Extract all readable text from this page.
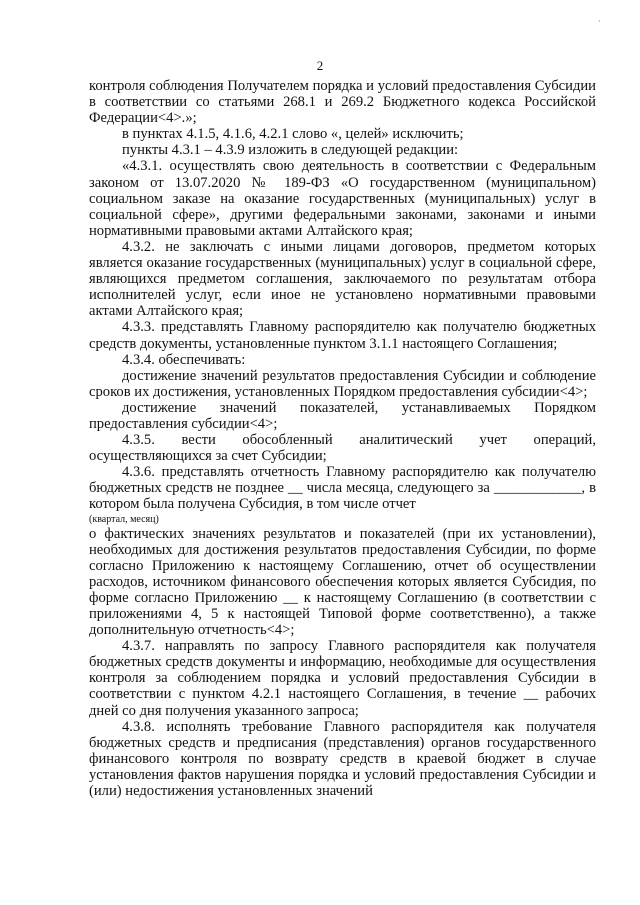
·
2

контроля соблюдения Получателем порядка и условий предоставления Субсидии в соответствии со статьями 268.1 и 269.2 Бюджетного кодекса Российской Федерации<4>.»;

в пунктах 4.1.5, 4.1.6, 4.2.1 слово «, целей» исключить;

пункты 4.3.1 – 4.3.9 изложить в следующей редакции:

«4.3.1. осуществлять свою деятельность в соответствии с Федеральным законом от 13.07.2020 № 189-ФЗ «О государственном (муниципальном) социальном заказе на оказание государственных (муниципальных) услуг в социальной сфере», другими федеральными законами, законами и иными нормативными правовыми актами Алтайского края;

4.3.2. не заключать с иными лицами договоров, предметом которых является оказание государственных (муниципальных) услуг в социальной сфере, являющихся предметом соглашения, заключаемого по результатам отбора исполнителей услуг, если иное не установлено нормативными правовыми актами Алтайского края;

4.3.3. представлять Главному распорядителю как получателю бюджетных средств документы, установленные пунктом 3.1.1 настоящего Соглашения;

4.3.4. обеспечивать:

достижение значений результатов предоставления Субсидии и соблюдение сроков их достижения, установленных Порядком предоставления субсидии<4>;

достижение значений показателей, устанавливаемых Порядком предоставления субсидии<4>;

4.3.5. вести обособленный аналитический учет операций, осуществляющихся за счет Субсидии;

4.3.6. представлять отчетность Главному распорядителю как получателю бюджетных средств не позднее __ числа месяца, следующего за ____________, в котором была получена Субсидия, в том числе отчет

(квартал, месяц)

о фактических значениях результатов и показателей (при их установлении), необходимых для достижения результатов предоставления Субсидии, по форме согласно Приложению к настоящему Соглашению, отчет об осуществлении расходов, источником финансового обеспечения которых является Субсидия, по форме согласно Приложению __ к настоящему Соглашению (в соответствии с приложениями 4, 5 к настоящей Типовой форме соответственно), а также дополнительную отчетность<4>;

4.3.7. направлять по запросу Главного распорядителя как получателя бюджетных средств документы и информацию, необходимые для осуществления контроля за соблюдением порядка и условий предоставления Субсидии в соответствии с пунктом 4.2.1 настоящего Соглашения, в течение __ рабочих дней со дня получения указанного запроса;

4.3.8. исполнять требование Главного распорядителя как получателя бюджетных средств и предписания (представления) органов государственного финансового контроля по возврату средств в краевой бюджет в случае установления фактов нарушения порядка и условий предоставления Субсидии и (или) недостижения установленных значений
